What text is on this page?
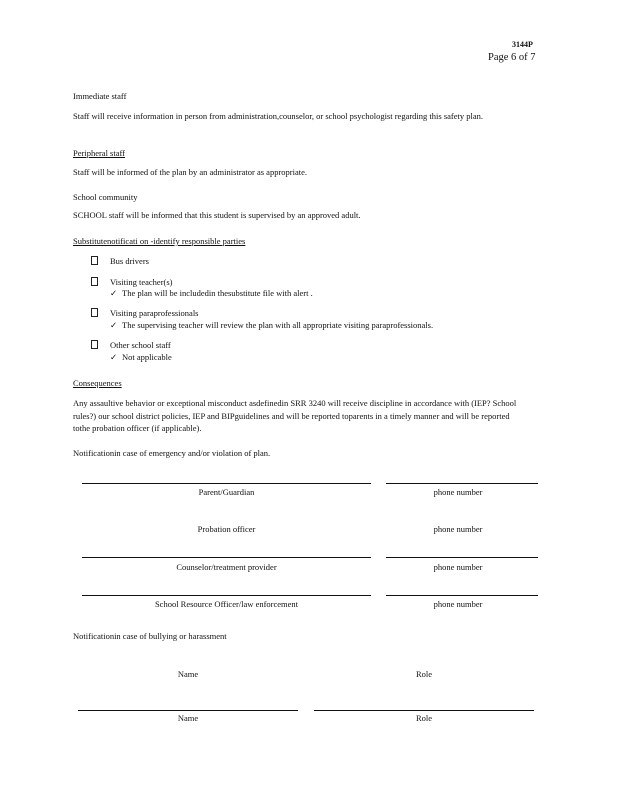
3144P
Page 6 of 7
Immediate staff
Staff will receive information in person from administration,counselor, or school psychologist regarding this safety plan.
Peripheral staff
Staff will be informed of the plan by an administrator as appropriate.
School community
SCHOOL staff will be informed that this student is supervised by an approved adult.
Substitutenotificati on -identify responsible parties
Bus drivers
Visiting teacher(s)
✓ The plan will be includedin thesubstitute file with alert .
Visiting paraprofessionals
✓ The supervising teacher will review the plan with all appropriate visiting paraprofessionals.
Other school staff
✓ Not applicable
Consequences
Any assaultive behavior or exceptional misconduct asdefinedin SRR 3240 will receive discipline in accordance with (IEP? School rules?) our school district policies, IEP and BIPguidelines and will be reported toparents in a timely manner and will be reported tothe probation officer (if applicable).
Notificationin case of emergency and/or violation of plan.
Parent/Guardian	phone number
Probation officer	phone number
Counselor/treatment provider	phone number
School Resource Officer/law enforcement	phone number
Notificationin case of bullying or harassment
Name	Role
Name	Role
